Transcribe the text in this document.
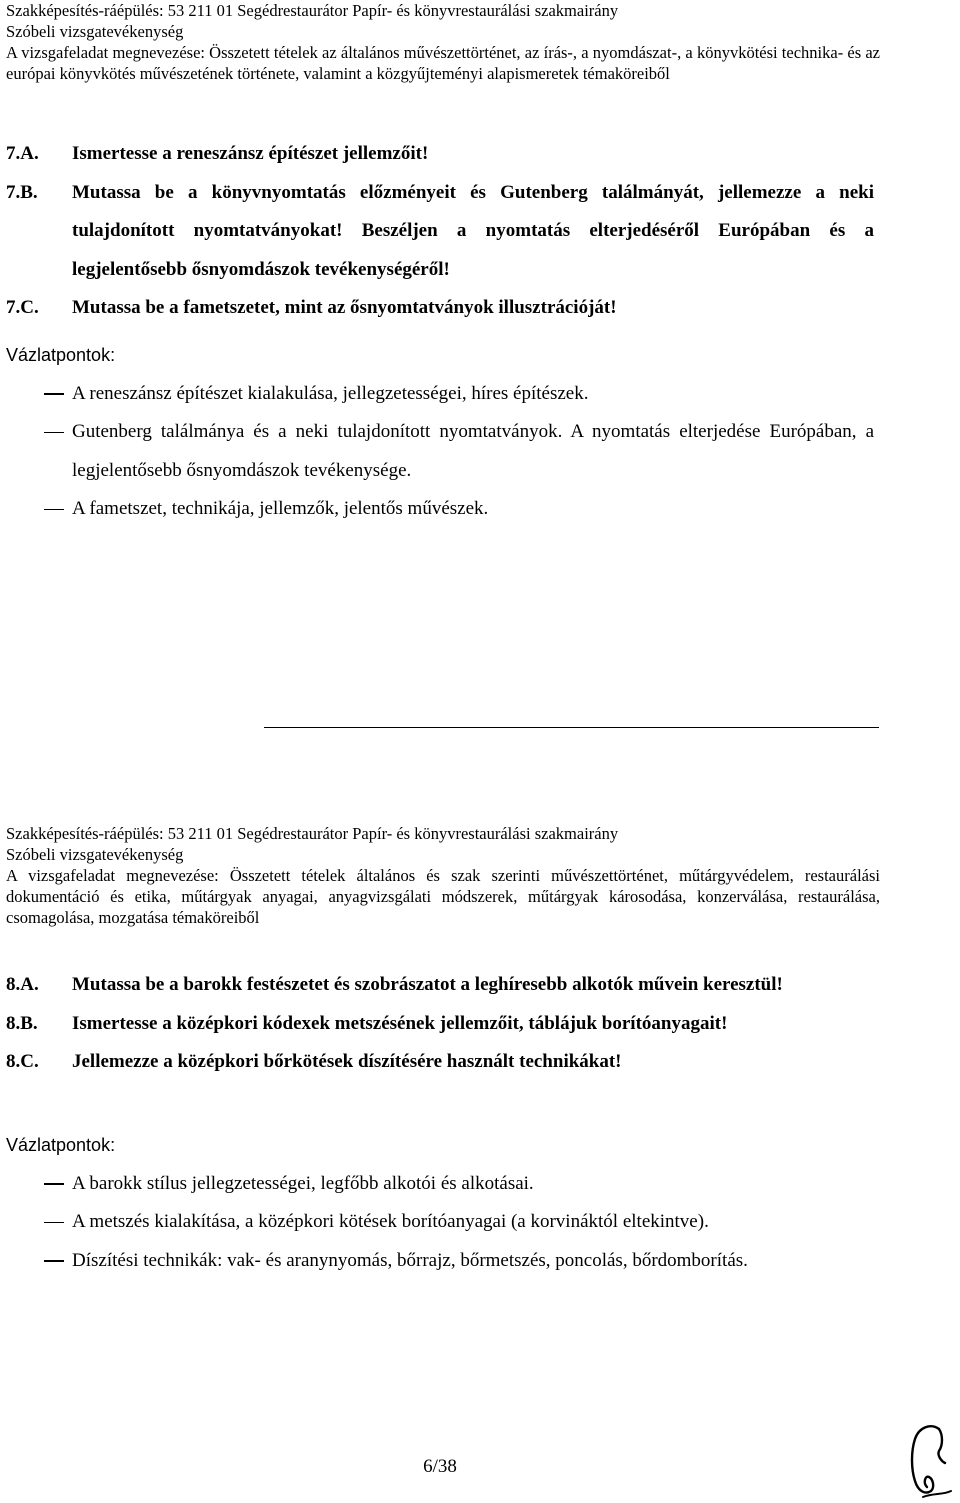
Szakképesítés-ráépülés: 53 211 01 Segédrestaurátor Papír- és könyvrestaurálási szakmairány

Szóbeli vizsgatevékenység

A vizsgafeladat megnevezése: Összetett tételek az általános művészettörténet, az írás-, a nyomdászat-, a könyvkötési technika- és az európai könyvkötés művészetének története, valamint a közgyűjteményi alapismeretek témaköreiből

7.A.	Ismertesse a reneszánsz építészet jellemzőit!
7.B.	Mutassa be a könyvnyomtatás előzményeit és Gutenberg találmányát, jellemezze a neki tulajdonított nyomtatványokat! Beszéljen a nyomtatás elterjedéséről Európában és a legjelentősebb ősnyomdászok tevékenységéről!
7.C.	Mutassa be a fametszetet, mint az ősnyomtatványok illusztrációját!
Vázlatpontok:
A reneszánsz építészet kialakulása, jellegzetességei, híres építészek.
Gutenberg találmánya és a neki tulajdonított nyomtatványok. A nyomtatás elterjedése Európában, a legjelentősebb ősnyomdászok tevékenysége.
A fametszet, technikája, jellemzők, jelentős művészek.

Szakképesítés-ráépülés: 53 211 01 Segédrestaurátor Papír- és könyvrestaurálási szakmairány

Szóbeli vizsgatevékenység

A vizsgafeladat megnevezése: Összetett tételek általános és szak szerinti művészettörténet, műtárgyvédelem, restaurálási dokumentáció és etika, műtárgyak anyagai, anyagvizsgálati módszerek, műtárgyak károsodása, konzerválása, restaurálása, csomagolása, mozgatása témaköreiből

8.A.	Mutassa be a barokk festészetet és szobrászatot a leghíresebb alkotók művein keresztül!
8.B.	Ismertesse a középkori kódexek metszésének jellemzőit, táblájuk borítóanyagait!
8.C.	Jellemezze a középkori bőrkötések díszítésére használt technikákat!
Vázlatpontok:
A barokk stílus jellegzetességei, legfőbb alkotói és alkotásai.
A metszés kialakítása, a középkori kötések borítóanyagai (a korvináktól eltekintve).
Díszítési technikák: vak- és aranynyomás, bőrrajz, bőrmetszés, poncolás, bőrdomborítás.
6/38
